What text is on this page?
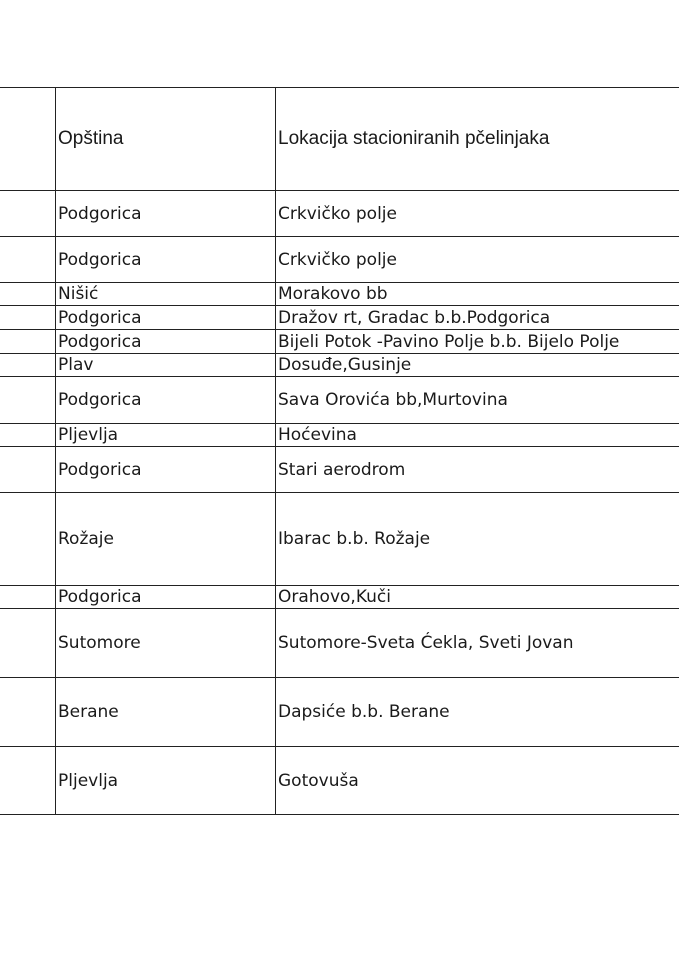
Opština	Lokacija stacioniranih pčelinjaka
Podgorica	Crkvičko polje
Podgorica	Crkvičko polje
Nišić	Morakovo bb
Podgorica	Dražov rt, Gradac b.b.Podgorica
Podgorica	Bijeli Potok -Pavino Polje b.b. Bijelo Polje
Plav	Dosuđe,Gusinje
Podgorica	Sava Orovića bb,Murtovina
Pljevlja	Hoćevina
Podgorica	Stari aerodrom
Rožaje	Ibarac b.b. Rožaje
Podgorica	Orahovo,Kuči
Sutomore	Sutomore-Sveta Ćekla, Sveti Jovan
Berane	Dapsiće b.b. Berane
Pljevlja	Gotovuša
